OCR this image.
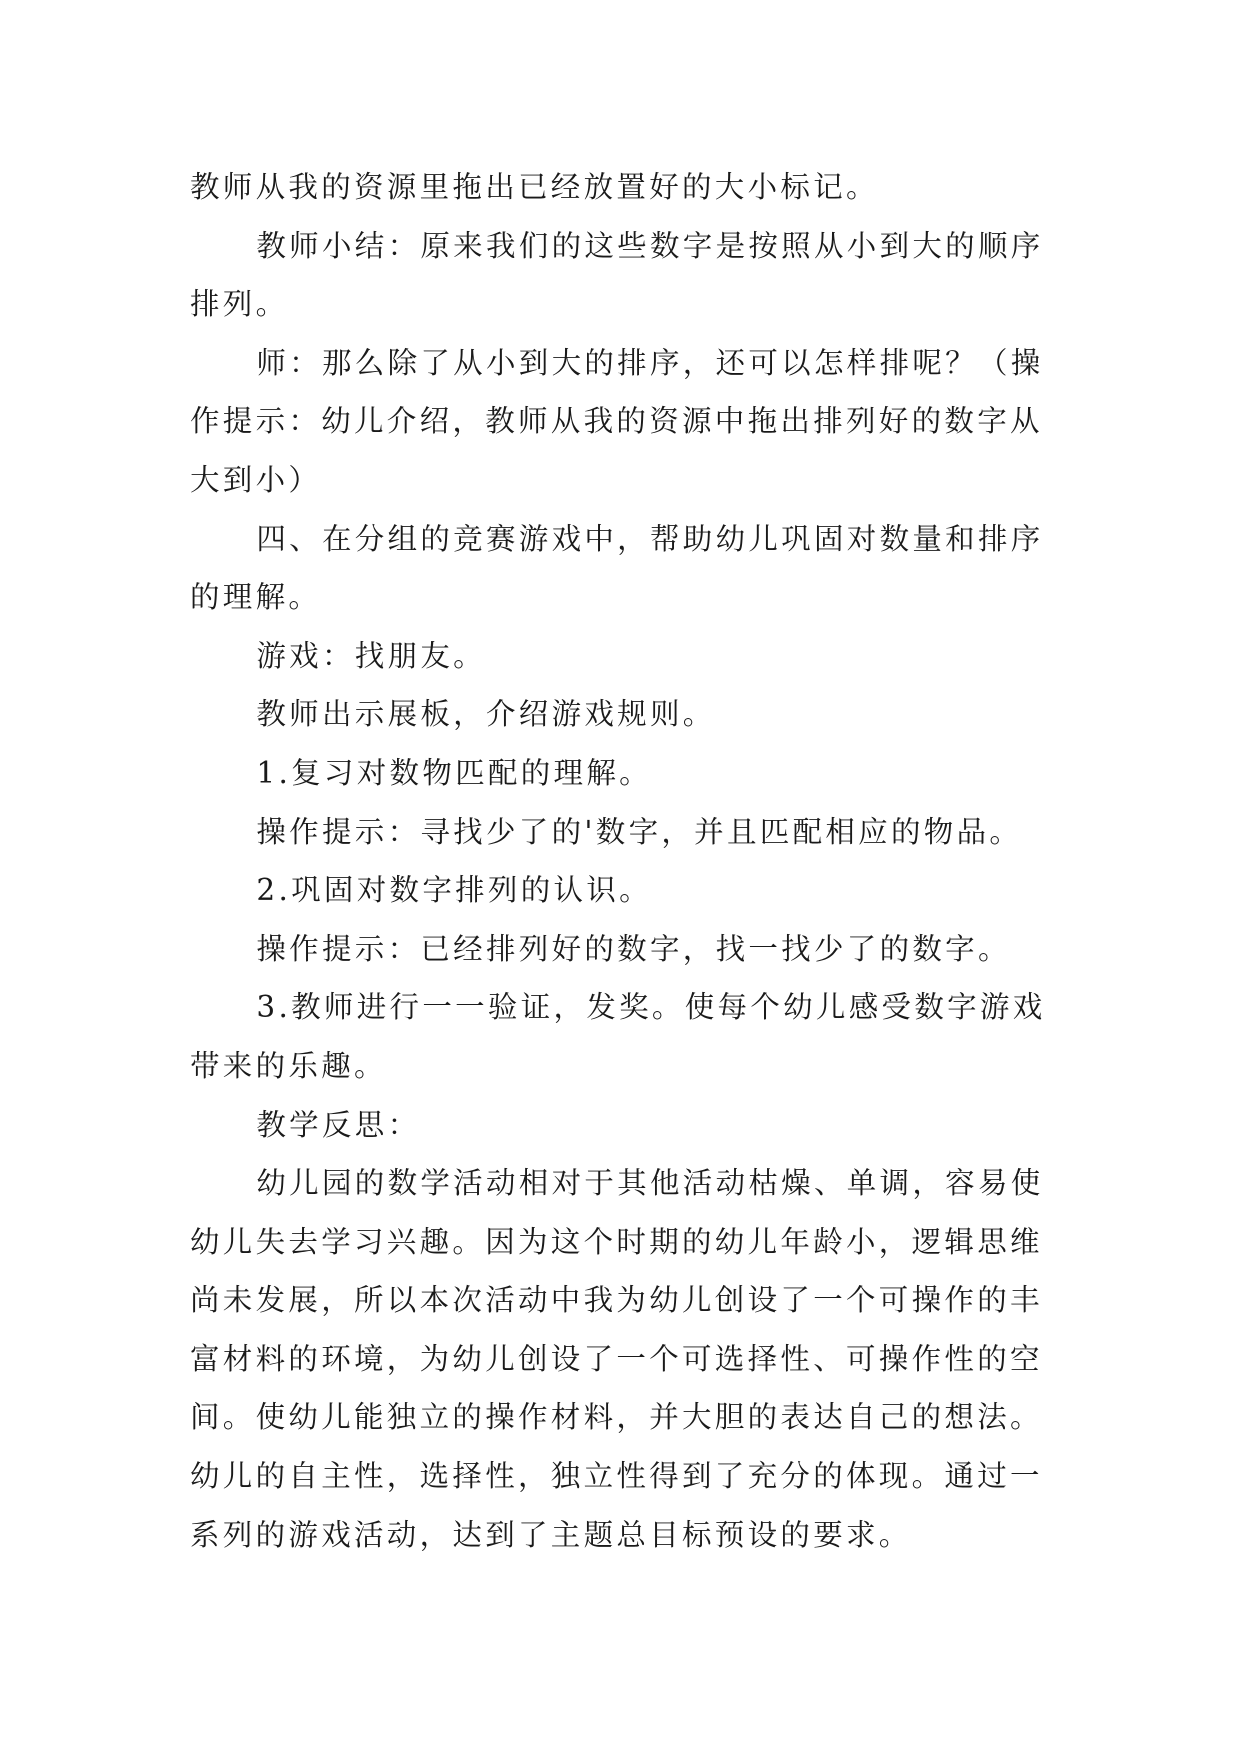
教师从我的资源里拖出已经放置好的大小标记。
教师小结：原来我们的这些数字是按照从小到大的顺序
排列。
师：那么除了从小到大的排序，还可以怎样排呢？（操
作提示：幼儿介绍，教师从我的资源中拖出排列好的数字从
大到小）
四、在分组的竞赛游戏中，帮助幼儿巩固对数量和排序
的理解。
游戏：找朋友。
教师出示展板，介绍游戏规则。
1.复习对数物匹配的理解。
操作提示：寻找少了的'数字，并且匹配相应的物品。
2.巩固对数字排列的认识。
操作提示：已经排列好的数字，找一找少了的数字。
3.教师进行一一验证，发奖。使每个幼儿感受数字游戏
带来的乐趣。
教学反思：
幼儿园的数学活动相对于其他活动枯燥、单调，容易使
幼儿失去学习兴趣。因为这个时期的幼儿年龄小，逻辑思维
尚未发展，所以本次活动中我为幼儿创设了一个可操作的丰
富材料的环境，为幼儿创设了一个可选择性、可操作性的空
间。使幼儿能独立的操作材料，并大胆的表达自己的想法。
幼儿的自主性，选择性，独立性得到了充分的体现。通过一
系列的游戏活动，达到了主题总目标预设的要求。
